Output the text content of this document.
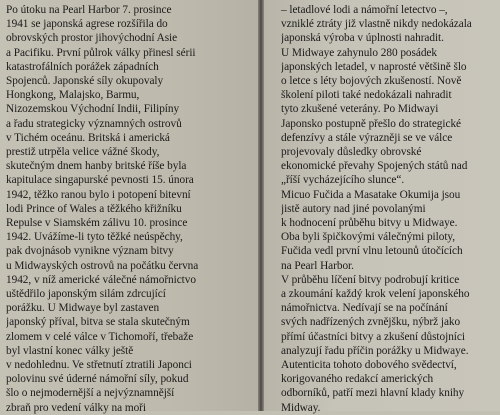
Po útoku na Pearl Harbor 7. prosince
1941 se japonská agrese rozšířila do
obrovských prostor jihovýchodní Asie
a Pacifiku. První půlrok války přinesl sérii
katastrofálních porážek západních
Spojenců. Japonské síly okupovaly
Hongkong, Malajsko, Barmu,
Nizozemskou Východní Indii, Filipíny
a řadu strategicky významných ostrovů
v Tichém oceánu. Britská i americká
prestiž utrpěla velice vážné škody,
skutečným dnem hanby britské říše byla
kapitulace singapurské pevnosti 15. února
1942, těžko ranou bylo i potopení bitevní
lodi Prince of Wales a těžkého křižníku
Repulse v Siamském zálivu 10. prosince
1942. Uvážíme-li tyto těžké neúspěchy,
pak dvojnásob vynikne význam bitvy
u Midwayských ostrovů na počátku června
1942, v níž americké válečné námořnictvo
uštědřilo japonským silám zdrcující
porážku. U Midwaye byl zastaven
japonský příval, bitva se stala skutečným
zlomem v celé válce v Tichomoří, třebaže
byl vlastní konec války ještě
v nedohlednu. Ve střetnutí ztratili Japonci
polovinu své úderné námořní síly, pokud
šlo o nejmodernější a nejvýznamnější
zbraň pro vedení války na moři
– letadlové lodi a námořní letectvo –,
vzniklé ztráty již vlastně nikdy nedokázala
japonská výroba v úplnosti nahradit.
U Midwaye zahynulo 280 posádek
japonských letadel, v naprosté většině šlo
o letce s léty bojových zkušeností. Nově
školení piloti také nedokázali nahradit
tyto zkušené veterány. Po Midwayi
Japonsko postupně přešlo do strategické
defenzívy a stále výrazněji se ve válce
projevovaly důsledky obrovské
ekonomické převahy Spojených států nad
„říší vycházejícího slunce“.
Micuo Fučida a Masatake Okumija jsou
jistě autory nad jiné povolanými
k hodnocení průběhu bitvy u Midwaye.
Oba byli špičkovými válečnými piloty,
Fučida vedl první vlnu letounů útočících
na Pearl Harbor.
V průběhu líčení bitvy podrobují kritice
a zkoumání každý krok velení japonského
námořnictva. Nedívají se na počínání
svých nadřízených zvnějšku, nýbrž jako
přímí účastníci bitvy a zkušení důstojníci
analyzují řadu příčin porážky u Midwaye.
Autenticita tohoto dobového svědectví,
korigovaného redakcí amerických
odborníků, patří mezi hlavní klady knihy
Midway.
